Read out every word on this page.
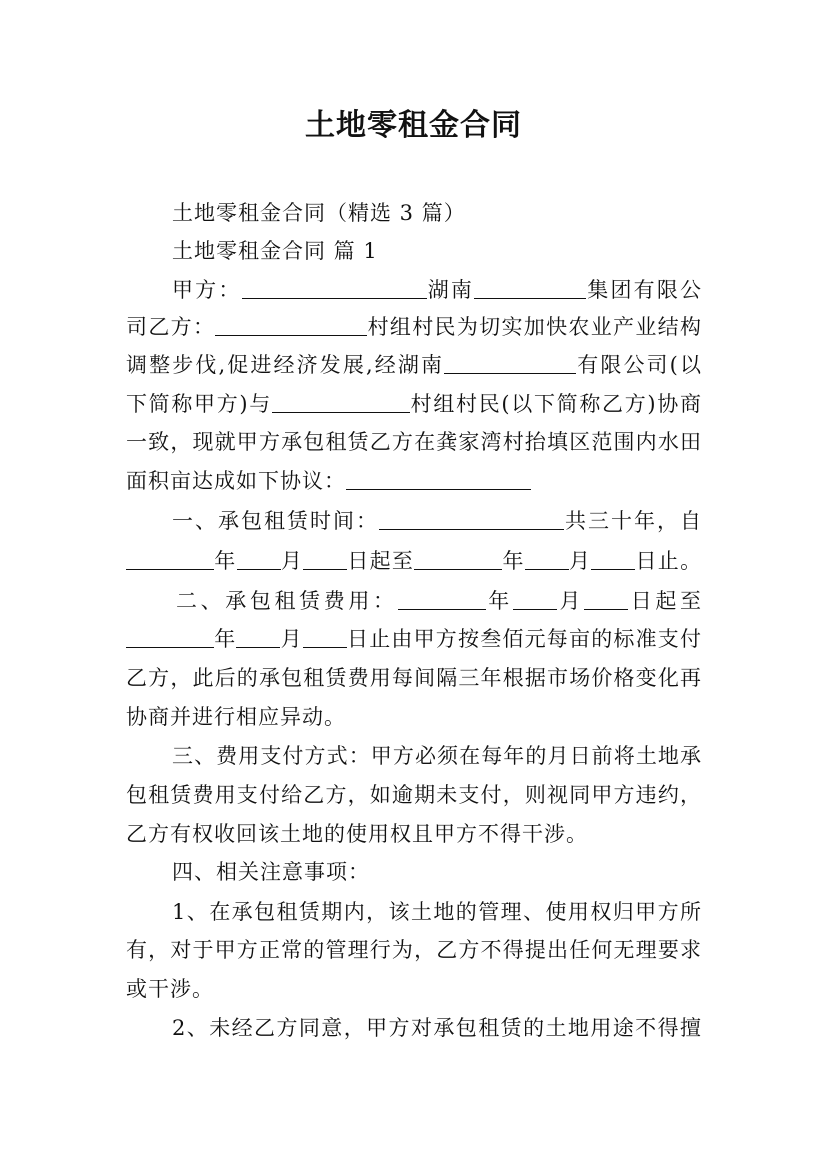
土地零租金合同
土地零租金合同（精选 3 篇）
土地零租金合同 篇 1
甲方：	湖南	集团有限公
司乙方：	村组村民为切实加快农业产业结构
调整步伐,促进经济发展,经湖南	有限公司(以
下简称甲方)与	村组村民(以下简称乙方)协商
一致，现就甲方承包租赁乙方在龚家湾村抬填区范围内水田
面积亩达成如下协议：
一、承包租赁时间：	共三十年，自
年 月 日起至	年 月 日止。
二、承包租赁费用：	年 月 日起至
年 月 日止由甲方按叁佰元每亩的标准支付
乙方，此后的承包租赁费用每间隔三年根据市场价格变化再
协商并进行相应异动。
三、费用支付方式：甲方必须在每年的月日前将土地承
包租赁费用支付给乙方，如逾期未支付，则视同甲方违约，
乙方有权收回该土地的使用权且甲方不得干涉。
四、相关注意事项：
1、在承包租赁期内，该土地的管理、使用权归甲方所
有，对于甲方正常的管理行为，乙方不得提出任何无理要求
或干涉。
2、未经乙方同意，甲方对承包租赁的土地用途不得擅
